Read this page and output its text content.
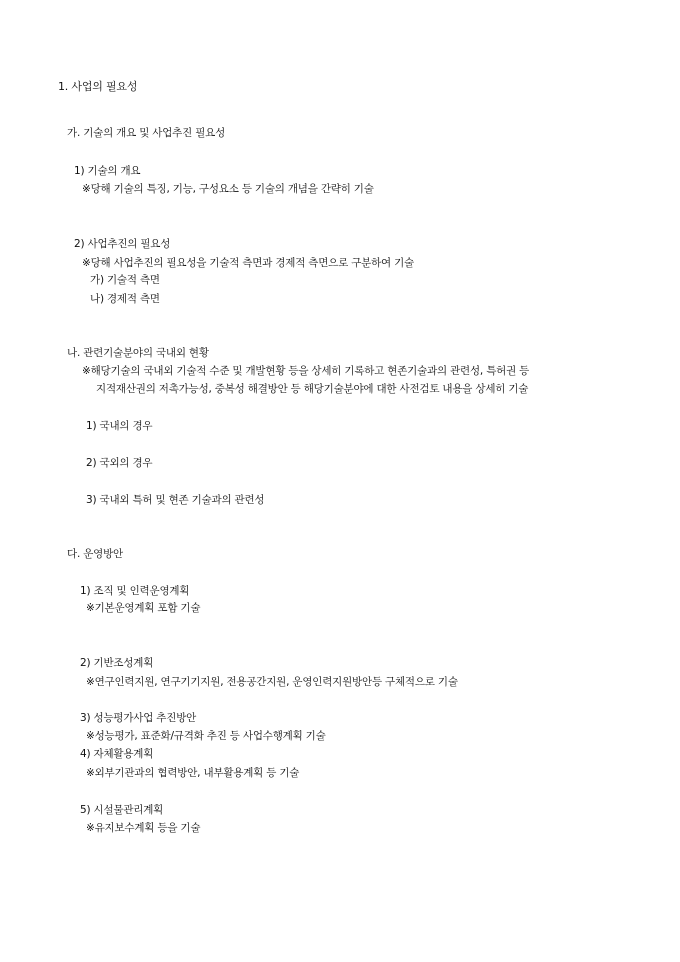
1. 사업의 필요성
가. 기술의 개요 및 사업추진 필요성
1) 기술의 개요
※당해 기술의 특징, 기능, 구성요소 등 기술의 개념을 간략히 기술
2) 사업추진의 필요성
※당해 사업추진의 필요성을 기술적 측면과 경제적 측면으로 구분하여 기술
가) 기술적 측면
나) 경제적 측면
나. 관련기술분야의 국내외 현황
※해당기술의 국내외 기술적 수준 및 개발현황 등을 상세히 기록하고 현존기술과의 관련성, 특허권 등
지적재산권의 저촉가능성, 중복성 해결방안 등 해당기술분야에 대한 사전검토 내용을 상세히 기술
1) 국내의 경우
2) 국외의 경우
3) 국내외 특허 및 현존 기술과의 관련성
다. 운영방안
1) 조직 및 인력운영계획
※기본운영계획 포함 기술
2) 기반조성계획
※연구인력지원, 연구기기지원, 전용공간지원, 운영인력지원방안등 구체적으로 기술
3) 성능평가사업 추진방안
※성능평가, 표준화/규격화 추진 등 사업수행계획 기술
4) 자체활용계획
※외부기관과의 협력방안, 내부활용계획 등 기술
5) 시설물관리계획
※유지보수계획 등을 기술
